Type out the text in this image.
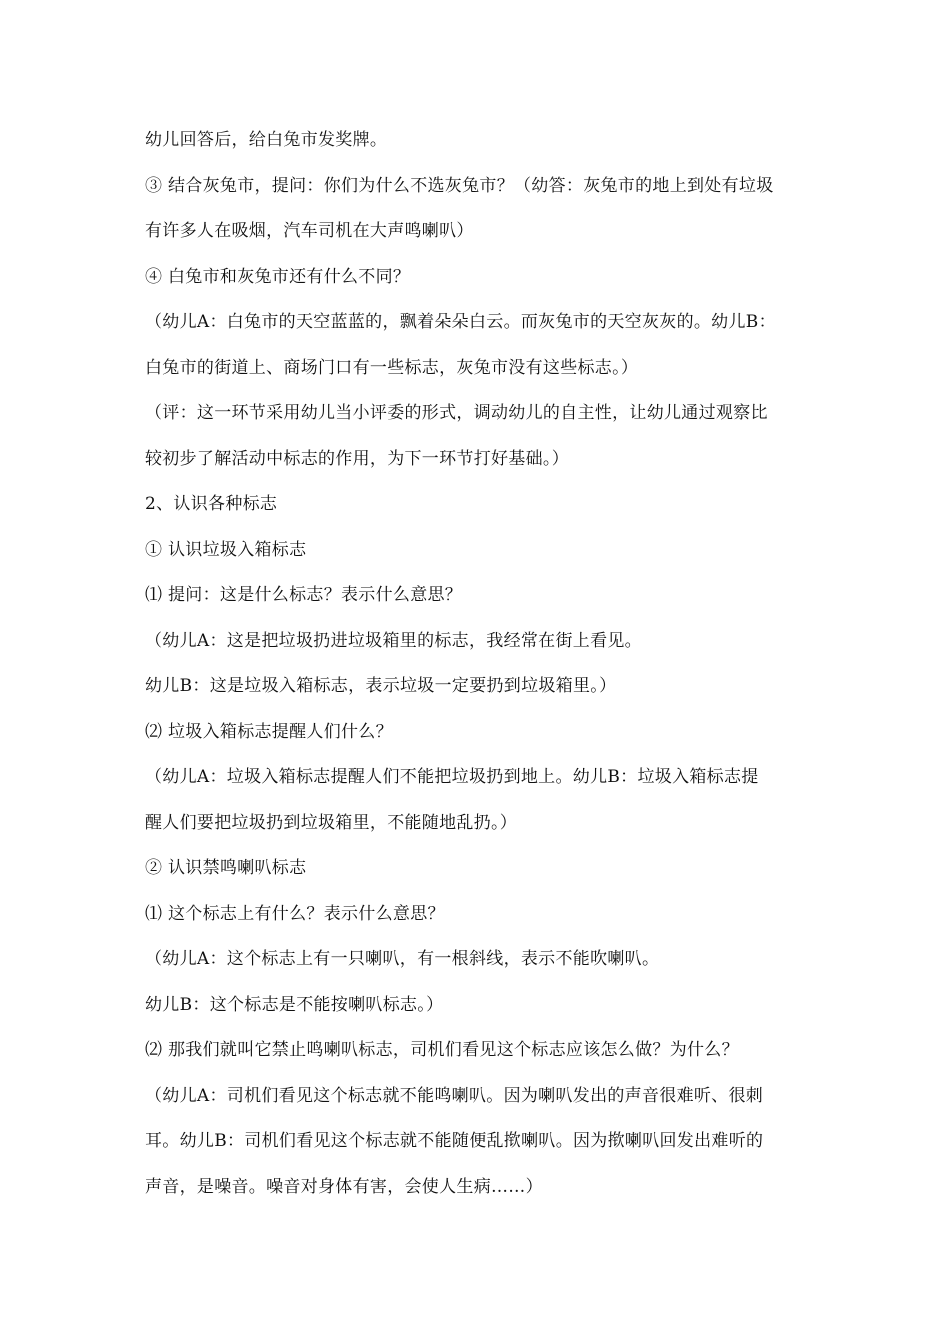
幼儿回答后，给白兔市发奖牌。
③ 结合灰兔市，提问：你们为什么不选灰兔市？（幼答：灰兔市的地上到处有垃圾
有许多人在吸烟，汽车司机在大声鸣喇叭）
④ 白兔市和灰兔市还有什么不同？
（幼儿A：白兔市的天空蓝蓝的，飘着朵朵白云。而灰兔市的天空灰灰的。幼儿B：
白兔市的街道上、商场门口有一些标志，灰兔市没有这些标志。）
（评：这一环节采用幼儿当小评委的形式，调动幼儿的自主性，让幼儿通过观察比
较初步了解活动中标志的作用，为下一环节打好基础。）
2、认识各种标志
① 认识垃圾入箱标志
⑴ 提问：这是什么标志？表示什么意思？
（幼儿A：这是把垃圾扔进垃圾箱里的标志，我经常在街上看见。
幼儿B：这是垃圾入箱标志，表示垃圾一定要扔到垃圾箱里。）
⑵ 垃圾入箱标志提醒人们什么？
（幼儿A：垃圾入箱标志提醒人们不能把垃圾扔到地上。幼儿B：垃圾入箱标志提
醒人们要把垃圾扔到垃圾箱里，不能随地乱扔。）
② 认识禁鸣喇叭标志
⑴ 这个标志上有什么？表示什么意思？
（幼儿A：这个标志上有一只喇叭，有一根斜线，表示不能吹喇叭。
幼儿B：这个标志是不能按喇叭标志。）
⑵ 那我们就叫它禁止鸣喇叭标志，司机们看见这个标志应该怎么做？为什么？
（幼儿A：司机们看见这个标志就不能鸣喇叭。因为喇叭发出的声音很难听、很刺
耳。幼儿B：司机们看见这个标志就不能随便乱揿喇叭。因为揿喇叭回发出难听的
声音，是噪音。噪音对身体有害，会使人生病……）
